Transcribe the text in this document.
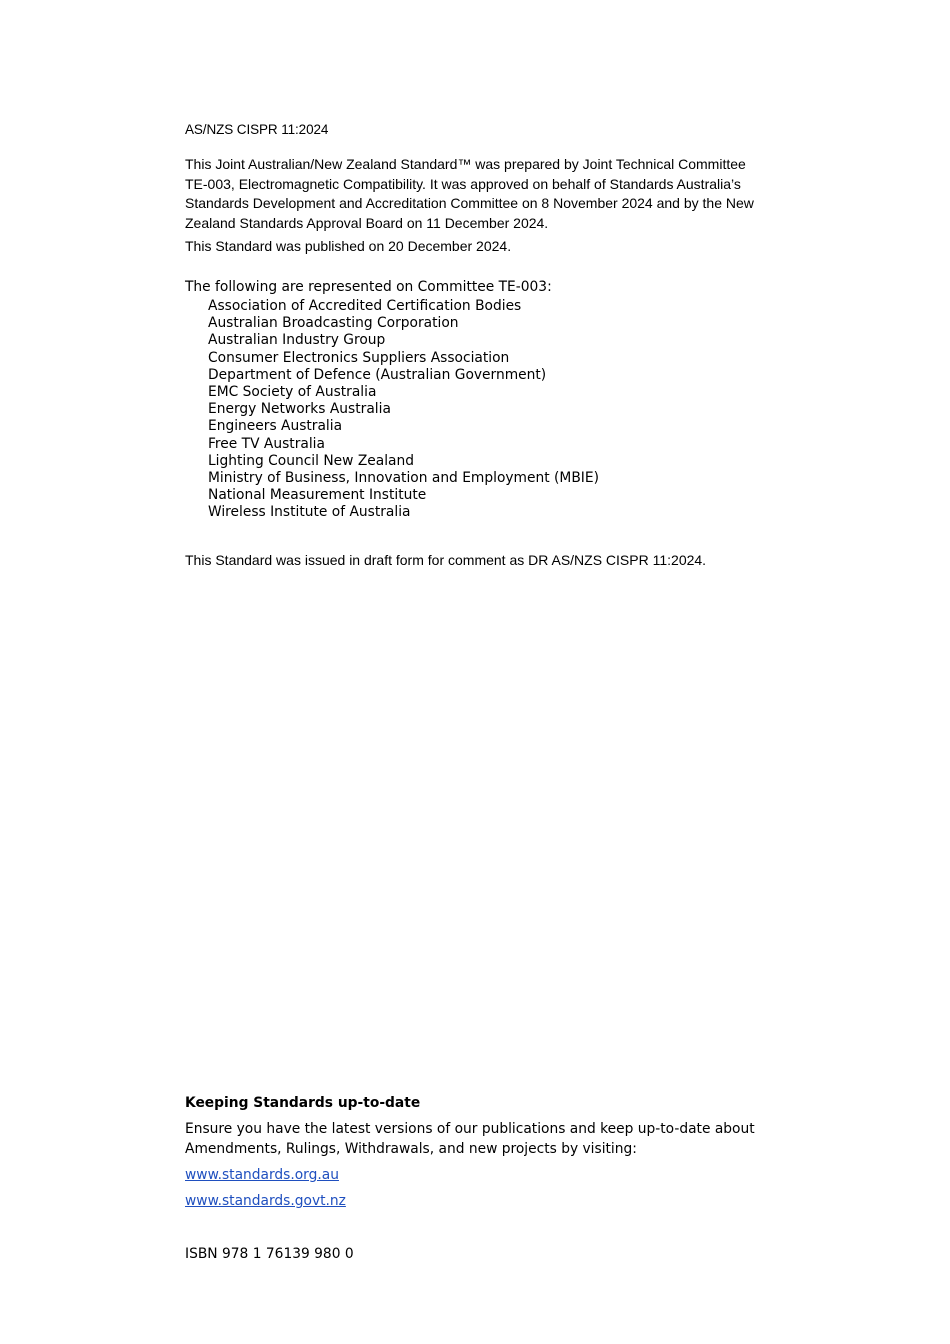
AS/NZS CISPR 11:2024

This Joint Australian/New Zealand Standard™ was prepared by Joint Technical Committee TE-003, Electromagnetic Compatibility. It was approved on behalf of Standards Australia’s Standards Development and Accreditation Committee on 8 November 2024 and by the New Zealand Standards Approval Board on 11 December 2024.

This Standard was published on 20 December 2024.
The following are represented on Committee TE-003:
Association of Accredited Certification Bodies
Australian Broadcasting Corporation
Australian Industry Group
Consumer Electronics Suppliers Association
Department of Defence (Australian Government)
EMC Society of Australia
Energy Networks Australia
Engineers Australia
Free TV Australia
Lighting Council New Zealand
Ministry of Business, Innovation and Employment (MBIE)
National Measurement Institute
Wireless Institute of Australia
This Standard was issued in draft form for comment as DR AS/NZS CISPR 11:2024.
Keeping Standards up-to-date
Ensure you have the latest versions of our publications and keep up-to-date about Amendments, Rulings, Withdrawals, and new projects by visiting:
www.standards.org.au
www.standards.govt.nz
ISBN 978 1 76139 980 0
